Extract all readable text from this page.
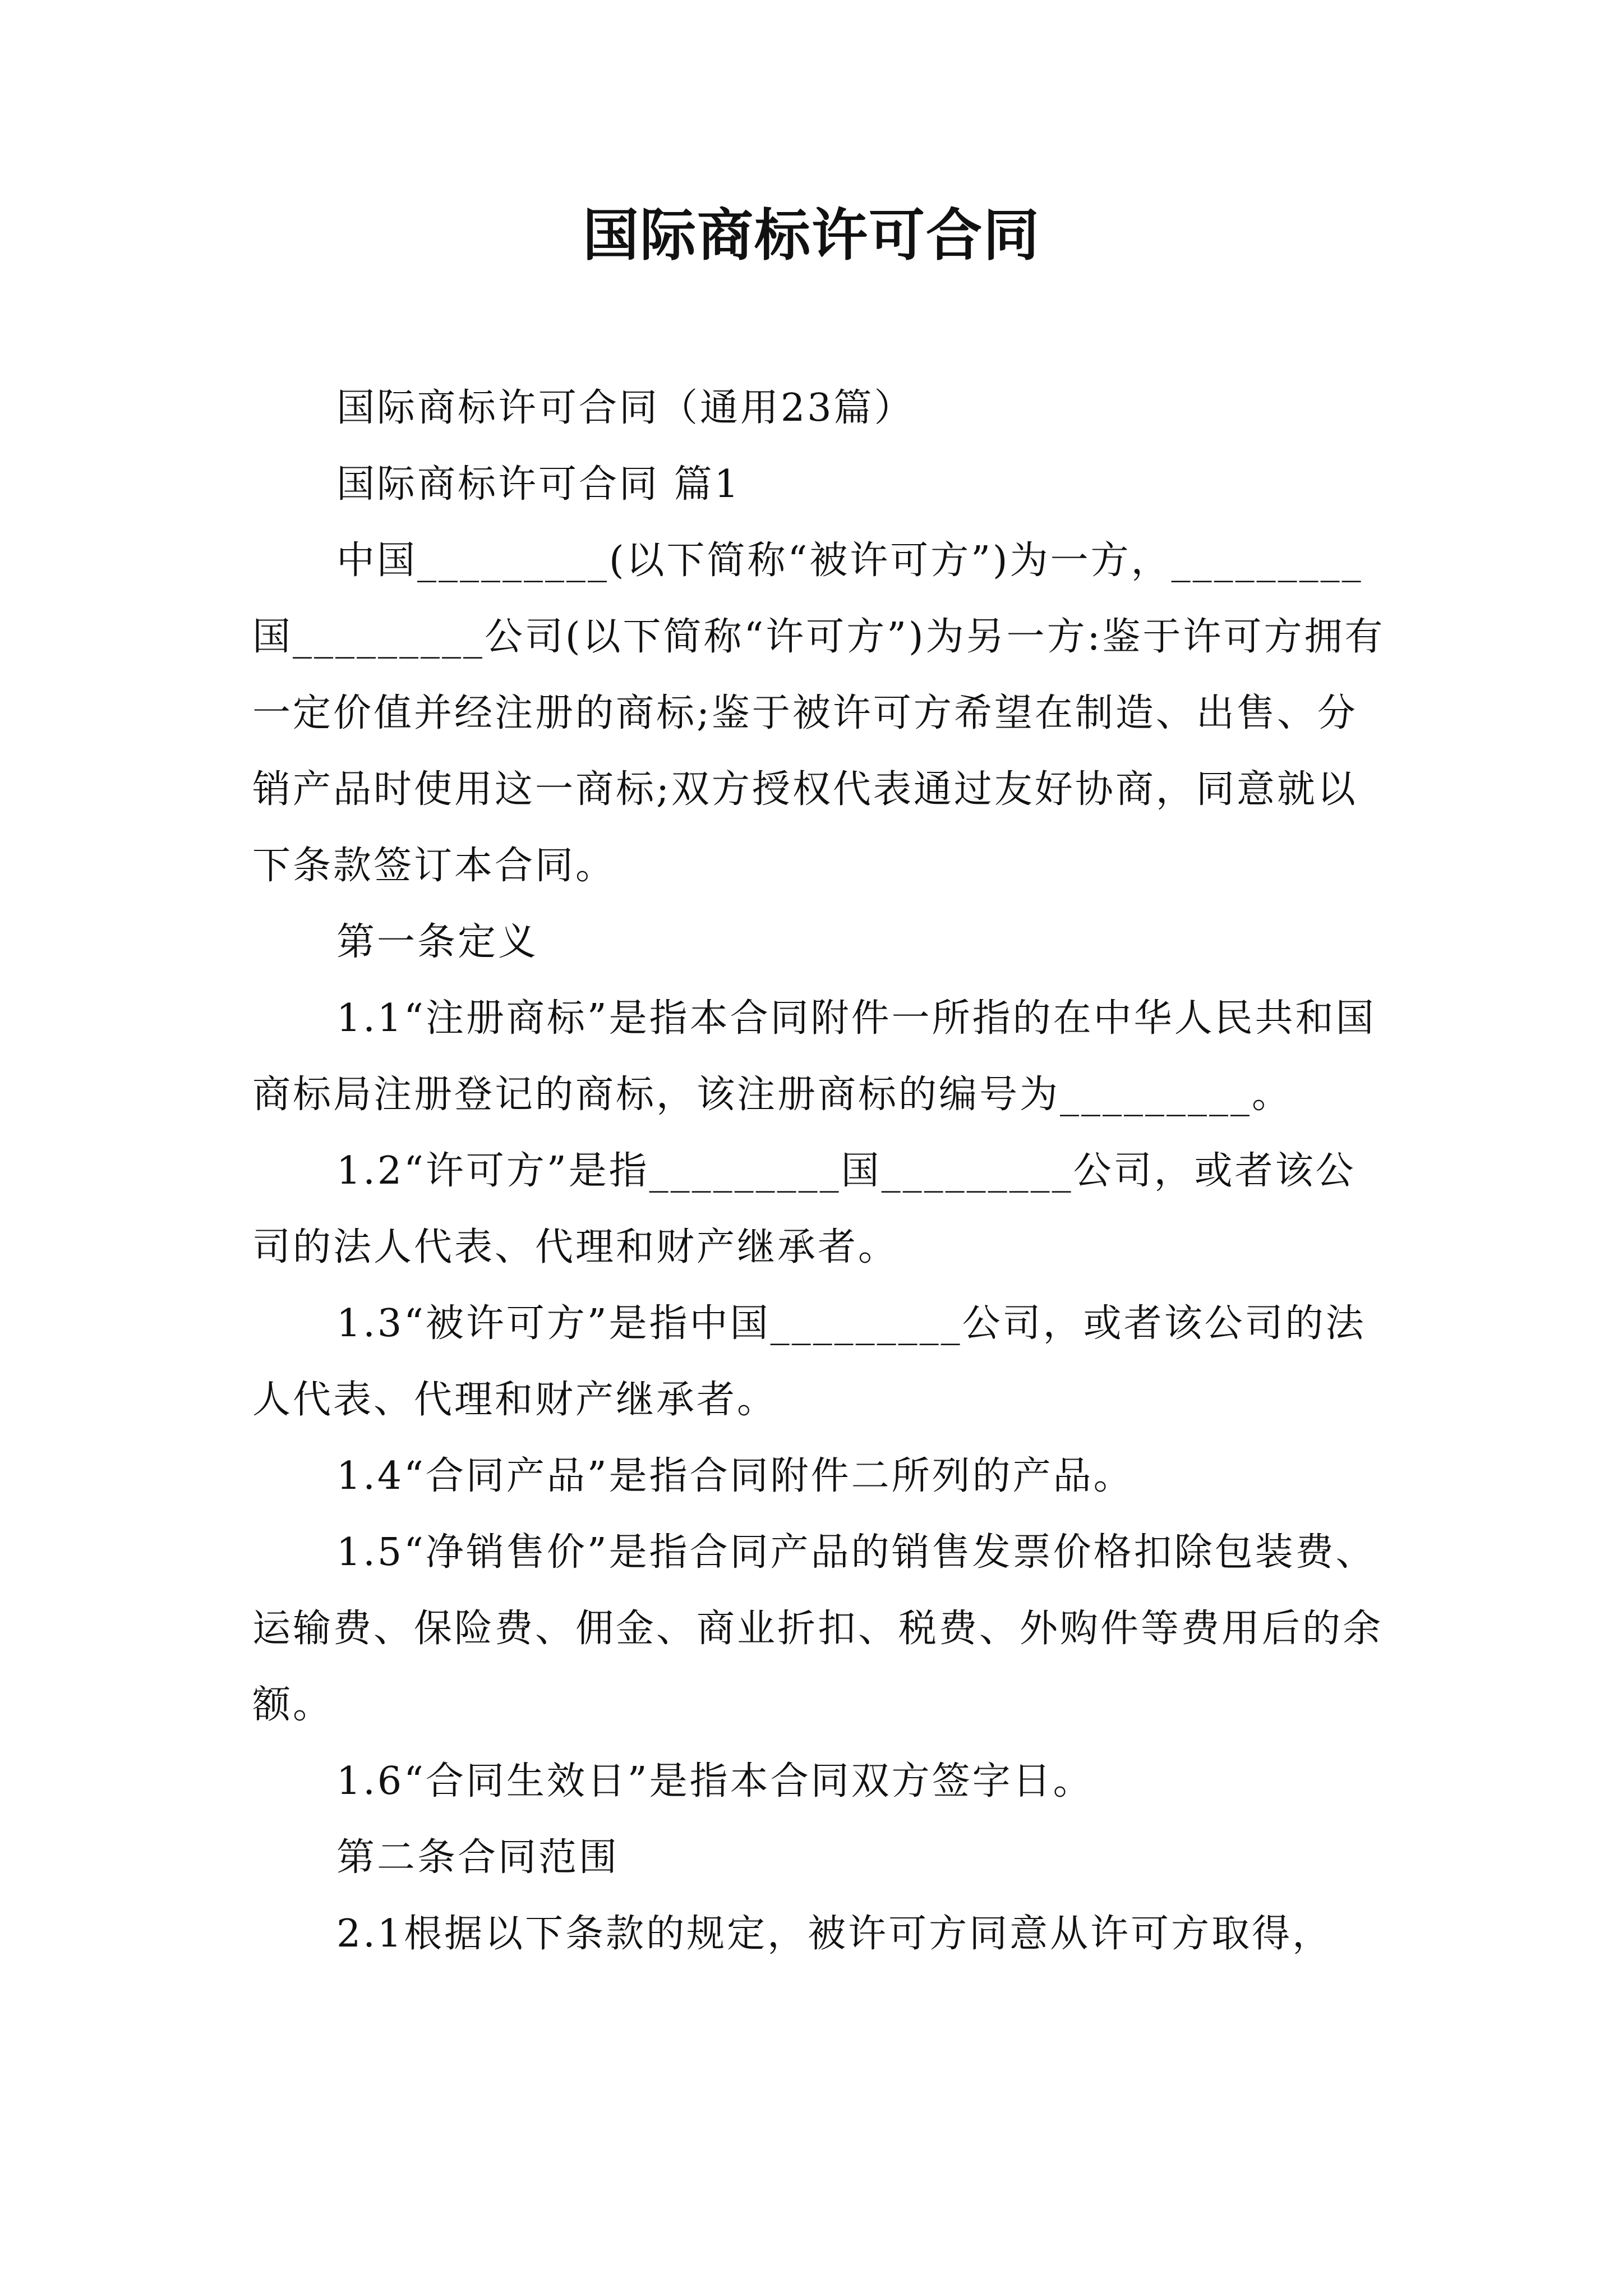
国际商标许可合同

国际商标许可合同（通用23篇）

国际商标许可合同 篇1

中国_________(以下简称“被许可方”)为一方，_________国_________公司(以下简称“许可方”)为另一方:鉴于许可方拥有一定价值并经注册的商标;鉴于被许可方希望在制造、出售、分销产品时使用这一商标;双方授权代表通过友好协商，同意就以下条款签订本合同。

第一条定义

1.1“注册商标”是指本合同附件一所指的在中华人民共和国商标局注册登记的商标，该注册商标的编号为_________。

1.2“许可方”是指_________国_________公司，或者该公司的法人代表、代理和财产继承者。

1.3“被许可方”是指中国_________公司，或者该公司的法人代表、代理和财产继承者。

1.4“合同产品”是指合同附件二所列的产品。

1.5“净销售价”是指合同产品的销售发票价格扣除包装费、运输费、保险费、佣金、商业折扣、税费、外购件等费用后的余额。

1.6“合同生效日”是指本合同双方签字日。

第二条合同范围

2.1根据以下条款的规定，被许可方同意从许可方取得，
